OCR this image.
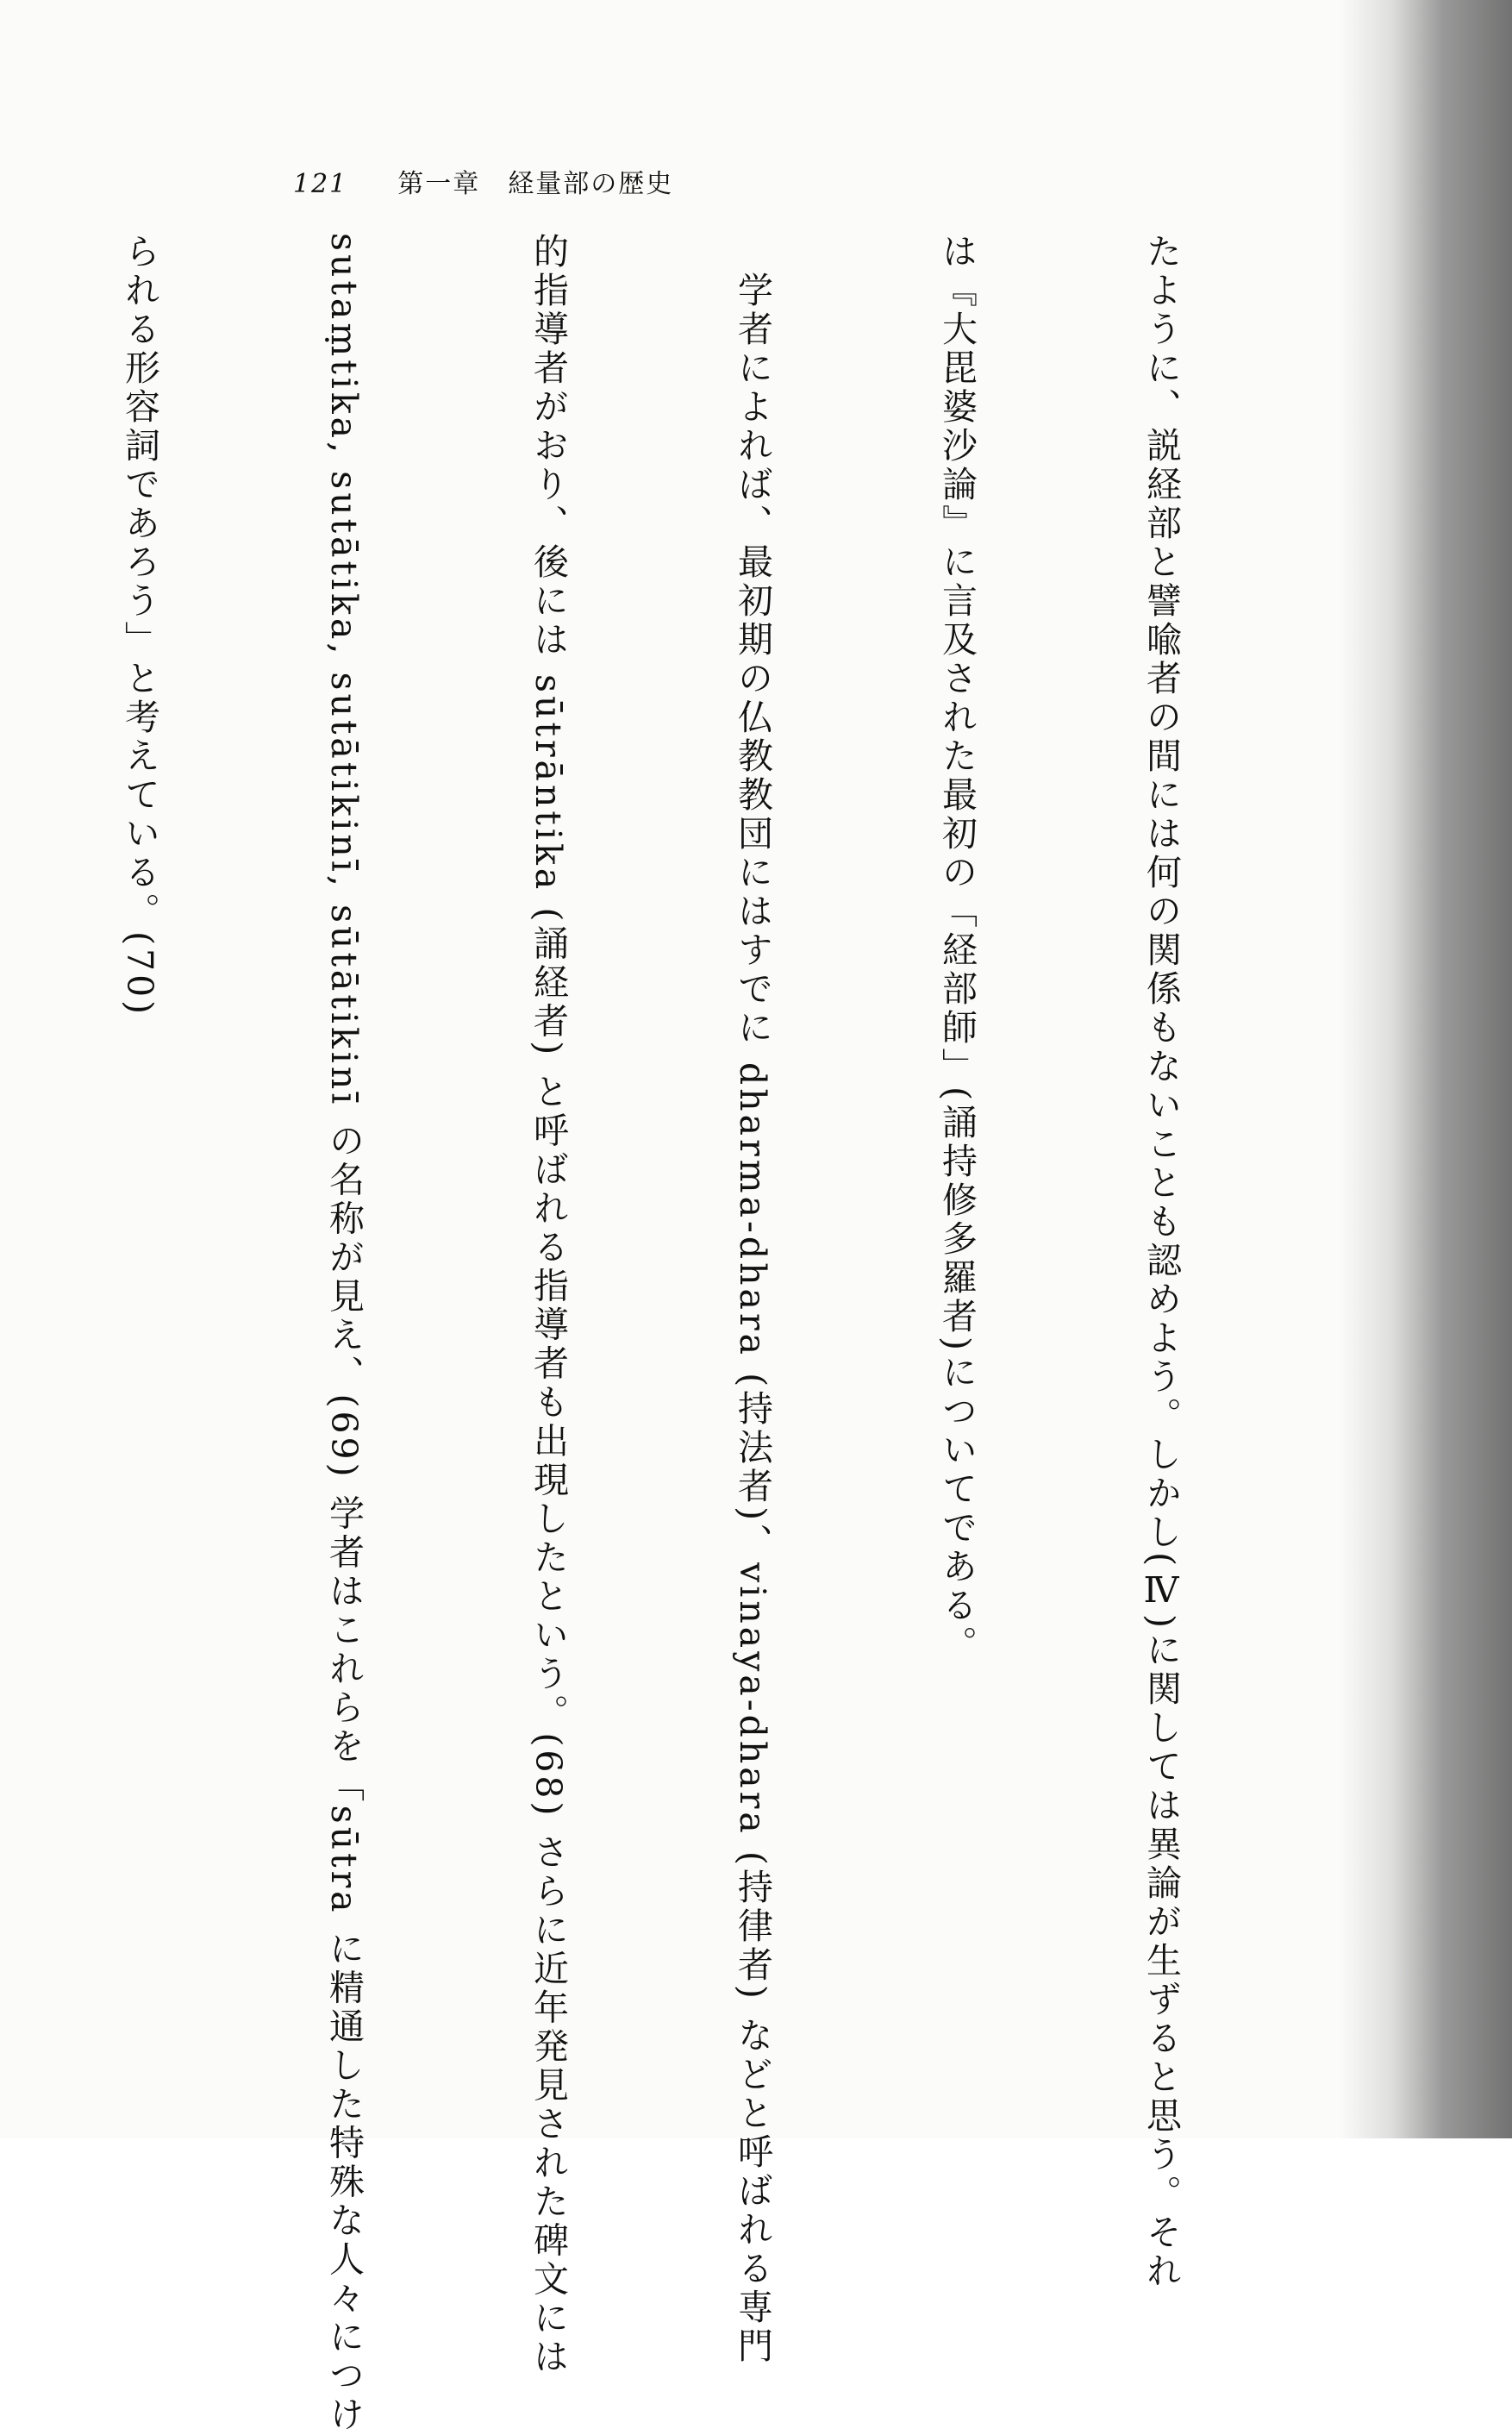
121 第一章　経量部の歴史

たように、説経部と譬喩者の間には何の関係もないことも認めよう。しかし(Ⅳ)に関しては異論が生ずると思う。それ

は『大毘婆沙論』に言及された最初の「経部師」(誦持修多羅者)についてである。

　学者によれば、最初期の仏教教団にはすでに dharma-dhara (持法者)、vinaya-dhara (持律者) などと呼ばれる専門

的指導者がおり、後には sūtrāntika (誦経者) と呼ばれる指導者も出現したという。(68) さらに近年発見された碑文には

sutaṃtika, sutātika, sutātikinī, sūtātikinī の名称が見え、(69) 学者はこれらを「sūtra に精通した特殊な人々につけ

られる形容詞であろう」と考えている。(70)
